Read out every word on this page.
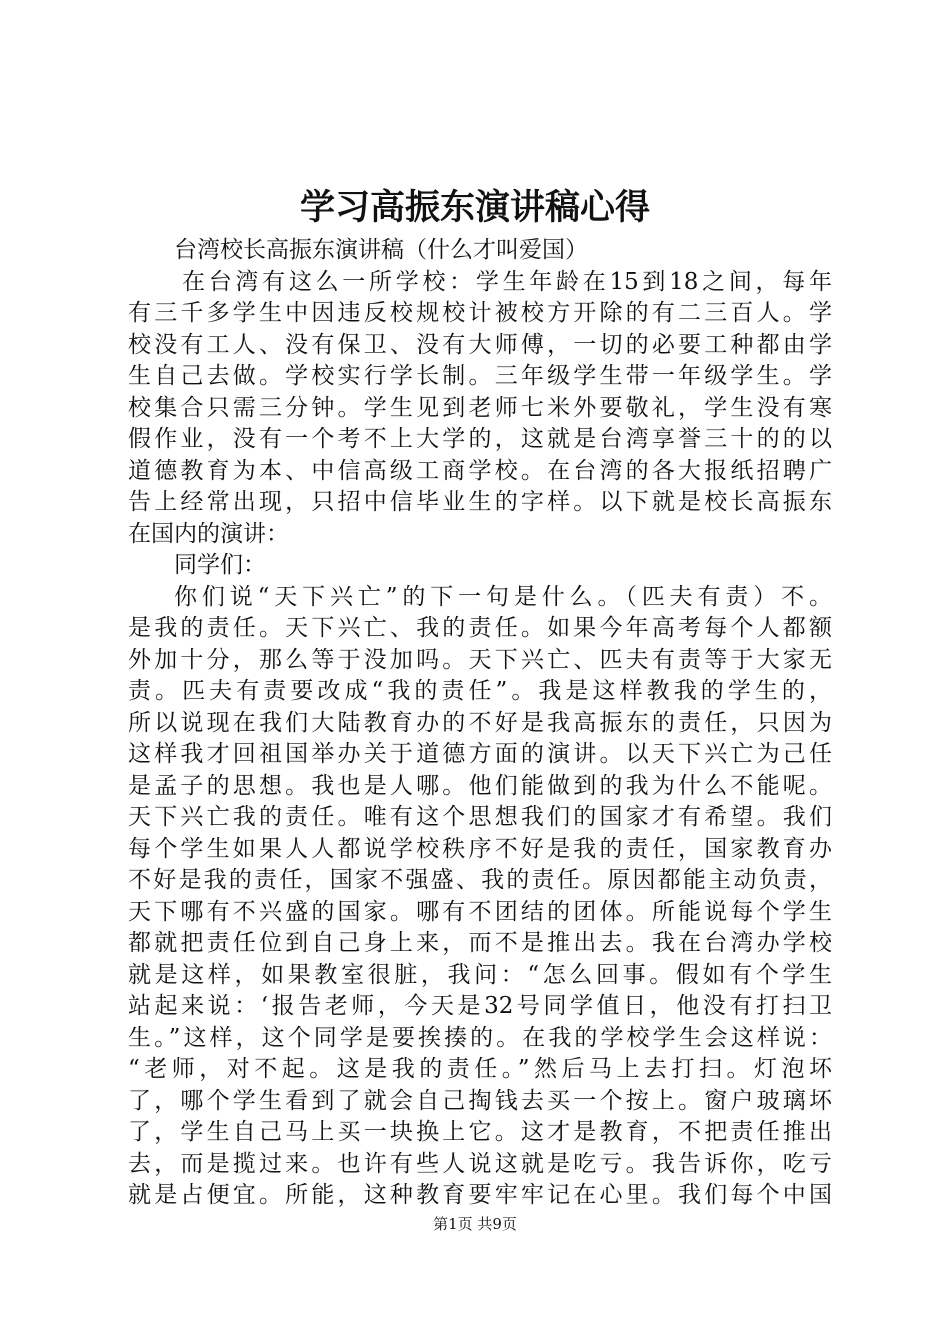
学习高振东演讲稿心得
台湾校长高振东演讲稿（什么才叫爱国）
在台湾有这么一所学校：学生年龄在15到18之间，每年
有三千多学生中因违反校规校计被校方开除的有二三百人。学
校没有工人、没有保卫、没有大师傅，一切的必要工种都由学
生自己去做。学校实行学长制。三年级学生带一年级学生。学
校集合只需三分钟。学生见到老师七米外要敬礼，学生没有寒
假作业，没有一个考不上大学的，这就是台湾享誉三十的的以
道德教育为本、中信高级工商学校。在台湾的各大报纸招聘广
告上经常出现，只招中信毕业生的字样。以下就是校长高振东
在国内的演讲：
同学们：
你们说“天下兴亡”的下一句是什么。（匹夫有责）不。
是我的责任。天下兴亡、我的责任。如果今年高考每个人都额
外加十分，那么等于没加吗。天下兴亡、匹夫有责等于大家无
责。匹夫有责要改成“我的责任”。我是这样教我的学生的，
所以说现在我们大陆教育办的不好是我高振东的责任，只因为
这样我才回祖国举办关于道德方面的演讲。以天下兴亡为己任
是孟子的思想。我也是人哪。他们能做到的我为什么不能呢。
天下兴亡我的责任。唯有这个思想我们的国家才有希望。我们
每个学生如果人人都说学校秩序不好是我的责任，国家教育办
不好是我的责任，国家不强盛、我的责任。原因都能主动负责，
天下哪有不兴盛的国家。哪有不团结的团体。所能说每个学生
都就把责任位到自己身上来，而不是推出去。我在台湾办学校
就是这样，如果教室很脏，我问：“怎么回事。假如有个学生
站起来说：‘报告老师，今天是32号同学值日，他没有打扫卫
生。”这样，这个同学是要挨揍的。在我的学校学生会这样说：
“老师，对不起。这是我的责任。”然后马上去打扫。灯泡坏
了，哪个学生看到了就会自己掏钱去买一个按上。窗户玻璃坏
了，学生自己马上买一块换上它。这才是教育，不把责任推出
去，而是揽过来。也许有些人说这就是吃亏。我告诉你，吃亏
就是占便宜。所能，这种教育要牢牢记在心里。我们每个中国
第1页 共9页
